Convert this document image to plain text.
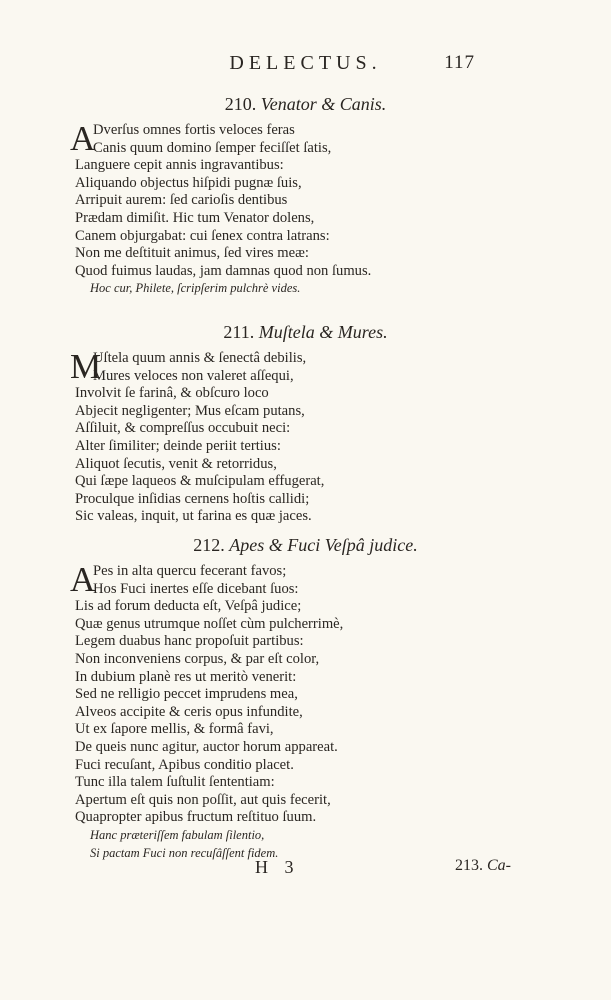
DELECTUS.	117
210. Venator & Canis.
A
Dverſus omnes fortis veloces feras
Canis quum domino ſemper feciſſet ſatis,
Languere cepit annis ingravantibus:
Aliquando objectus hiſpidi pugnæ ſuis,
Arripuit aurem: ſed carioſis dentibus
Prædam dimiſit. Hic tum Venator dolens,
Canem objurgabat: cui ſenex contra latrans:
Non me deſtituit animus, ſed vires meæ:
Quod fuimus laudas, jam damnas quod non ſumus.
Hoc cur, Philete, ſcripſerim pulchrè vides.
211. Muſtela & Mures.
M
Uſtela quum annis & ſenectâ debilis,
Mures veloces non valeret aſſequi,
Involvit ſe farinâ, & obſcuro loco
Abjecit negligenter; Mus eſcam putans,
Aſſiluit, & compreſſus occubuit neci:
Alter ſimiliter; deinde periit tertius:
Aliquot ſecutis, venit & retorridus,
Qui ſæpe laqueos & muſcipulam effugerat,
Proculque inſidias cernens hoſtis callidi;
Sic valeas, inquit, ut farina es quæ jaces.
212. Apes & Fuci Veſpâ judice.
A
Pes in alta quercu fecerant favos;
Hos Fuci inertes eſſe dicebant ſuos:
Lis ad forum deducta eſt, Veſpâ judice;
Quæ genus utrumque noſſet cùm pulcherrimè,
Legem duabus hanc propoſuit partibus:
Non inconveniens corpus, & par eſt color,
In dubium planè res ut meritò venerit:
Sed ne relligio peccet imprudens mea,
Alveos accipite & ceris opus infundite,
Ut ex ſapore mellis, & formâ favi,
De queis nunc agitur, auctor horum appareat.
Fuci recuſant, Apibus conditio placet.
Tunc illa talem ſuſtulit ſententiam:
Apertum eſt quis non poſſit, aut quis fecerit,
Quapropter apibus fructum reſtituo ſuum.
Hanc præteriſſem fabulam ſilentio,
Si pactam Fuci non recuſâſſent fidem.
H 3	213. Ca-
